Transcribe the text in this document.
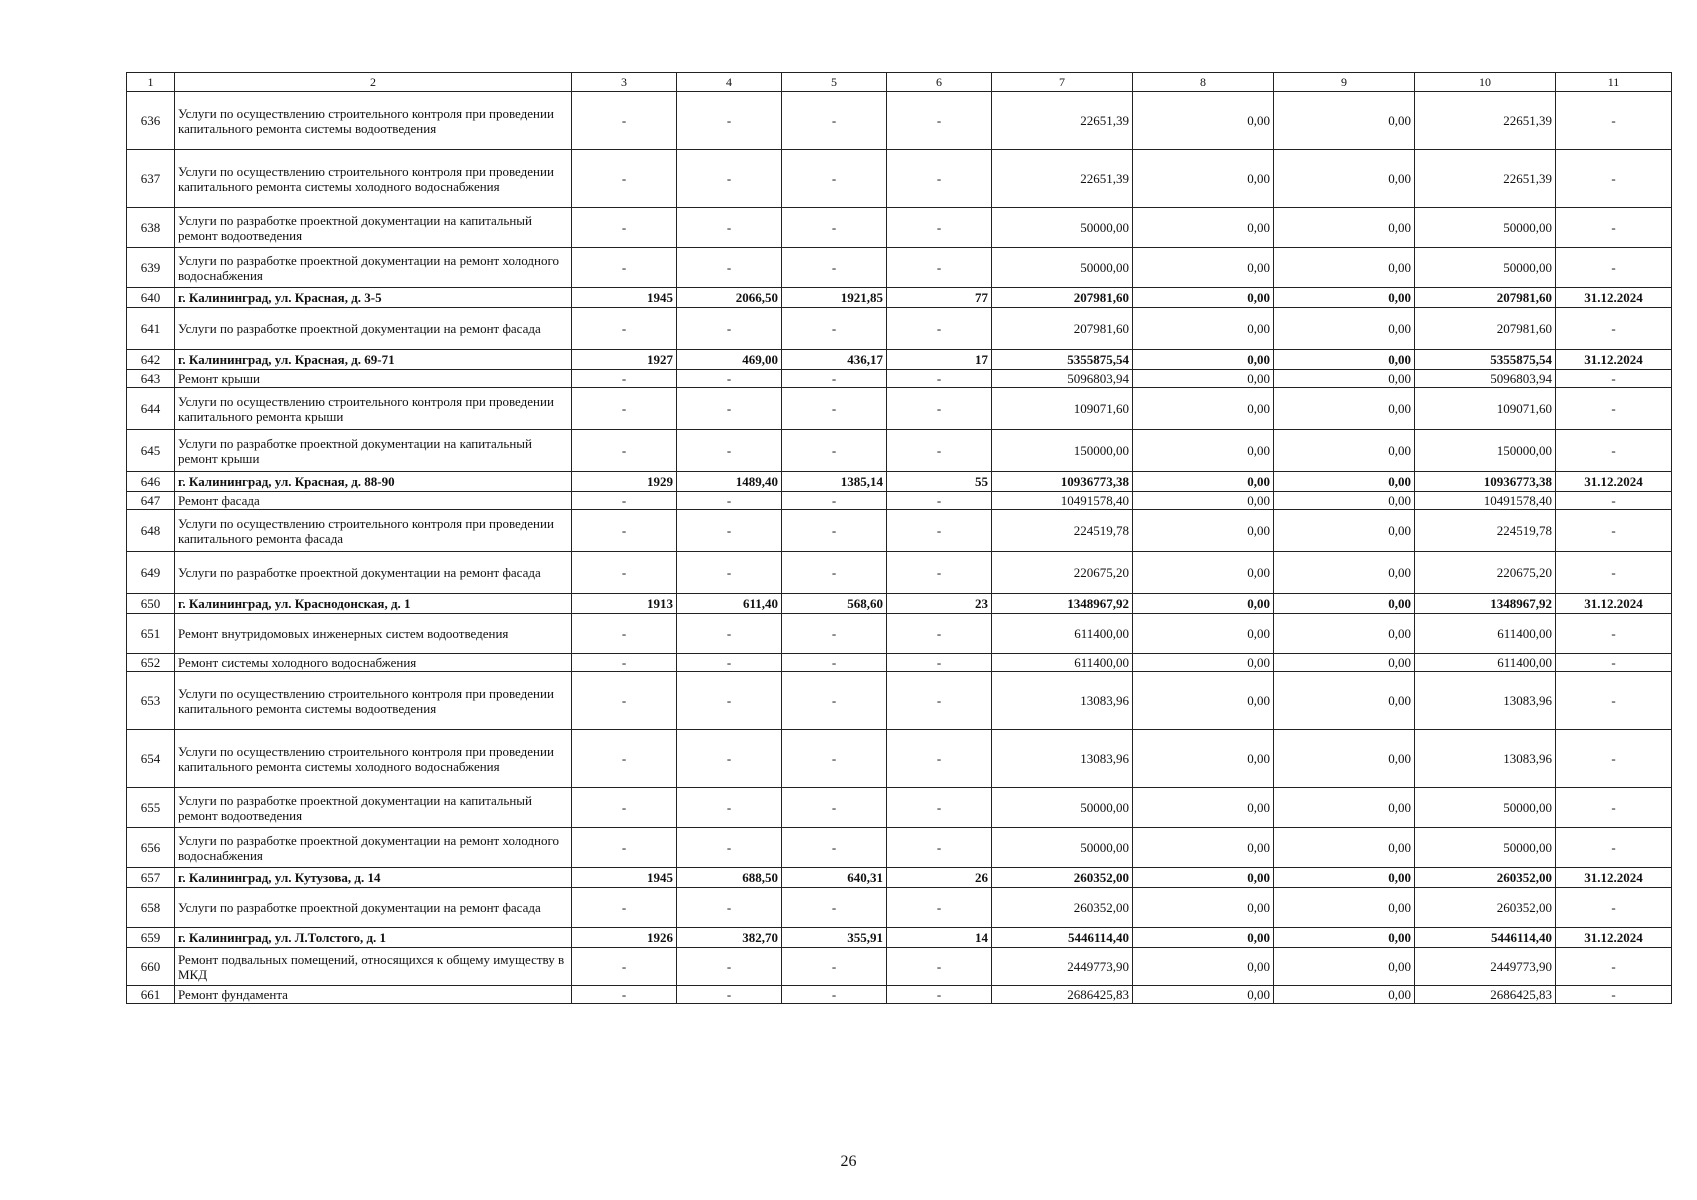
1	2	3	4	5	6	7	8	9	10	11
636	Услуги по осуществлению строительного контроля при проведении капитального ремонта системы водоотведения	-	-	-	-	22651,39	0,00	0,00	22651,39	-
637	Услуги по осуществлению строительного контроля при проведении капитального ремонта системы холодного водоснабжения	-	-	-	-	22651,39	0,00	0,00	22651,39	-
638	Услуги по разработке проектной документации на капитальный ремонт водоотведения	-	-	-	-	50000,00	0,00	0,00	50000,00	-
639	Услуги по разработке проектной документации на ремонт холодного водоснабжения	-	-	-	-	50000,00	0,00	0,00	50000,00	-
640	г. Калининград, ул. Красная, д. 3-5	1945	2066,50	1921,85	77	207981,60	0,00	0,00	207981,60	31.12.2024
641	Услуги по разработке проектной документации на ремонт фасада	-	-	-	-	207981,60	0,00	0,00	207981,60	-
642	г. Калининград, ул. Красная, д. 69-71	1927	469,00	436,17	17	5355875,54	0,00	0,00	5355875,54	31.12.2024
643	Ремонт крыши	-	-	-	-	5096803,94	0,00	0,00	5096803,94	-
644	Услуги по осуществлению строительного контроля при проведении капитального ремонта крыши	-	-	-	-	109071,60	0,00	0,00	109071,60	-
645	Услуги по разработке проектной документации на капитальный ремонт крыши	-	-	-	-	150000,00	0,00	0,00	150000,00	-
646	г. Калининград, ул. Красная, д. 88-90	1929	1489,40	1385,14	55	10936773,38	0,00	0,00	10936773,38	31.12.2024
647	Ремонт фасада	-	-	-	-	10491578,40	0,00	0,00	10491578,40	-
648	Услуги по осуществлению строительного контроля при проведении капитального ремонта фасада	-	-	-	-	224519,78	0,00	0,00	224519,78	-
649	Услуги по разработке проектной документации на ремонт фасада	-	-	-	-	220675,20	0,00	0,00	220675,20	-
650	г. Калининград, ул. Краснодонская, д. 1	1913	611,40	568,60	23	1348967,92	0,00	0,00	1348967,92	31.12.2024
651	Ремонт внутридомовых инженерных систем водоотведения	-	-	-	-	611400,00	0,00	0,00	611400,00	-
652	Ремонт системы холодного водоснабжения	-	-	-	-	611400,00	0,00	0,00	611400,00	-
653	Услуги по осуществлению строительного контроля при проведении капитального ремонта системы водоотведения	-	-	-	-	13083,96	0,00	0,00	13083,96	-
654	Услуги по осуществлению строительного контроля при проведении капитального ремонта системы холодного водоснабжения	-	-	-	-	13083,96	0,00	0,00	13083,96	-
655	Услуги по разработке проектной документации на капитальный ремонт водоотведения	-	-	-	-	50000,00	0,00	0,00	50000,00	-
656	Услуги по разработке проектной документации на ремонт холодного водоснабжения	-	-	-	-	50000,00	0,00	0,00	50000,00	-
657	г. Калининград, ул. Кутузова, д. 14	1945	688,50	640,31	26	260352,00	0,00	0,00	260352,00	31.12.2024
658	Услуги по разработке проектной документации на ремонт фасада	-	-	-	-	260352,00	0,00	0,00	260352,00	-
659	г. Калининград, ул. Л.Толстого, д. 1	1926	382,70	355,91	14	5446114,40	0,00	0,00	5446114,40	31.12.2024
660	Ремонт подвальных помещений, относящихся к общему имуществу в МКД	-	-	-	-	2449773,90	0,00	0,00	2449773,90	-
661	Ремонт фундамента	-	-	-	-	2686425,83	0,00	0,00	2686425,83	-
26
